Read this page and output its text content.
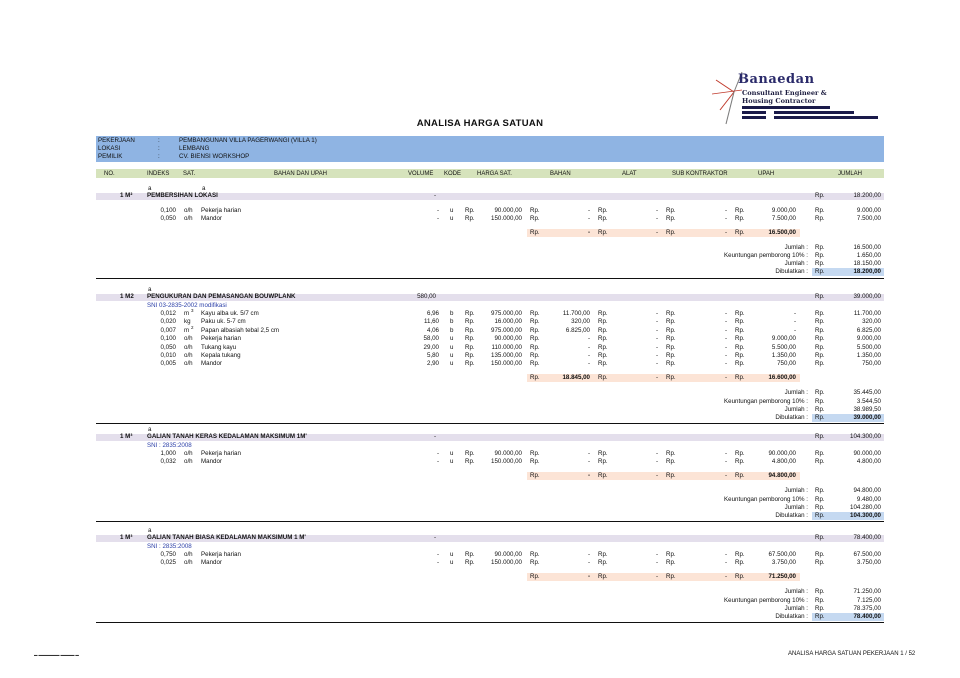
Banaedan
Consultant Engineer &
Housing Contractor
ANALISA HARGA SATUAN
PEKERJAAN	:	PEMBANGUNAN VILLA PAGERWANGI (VILLA 1)
LOKASI	:	LEMBANG
PEMILIK	:	CV. BIENSI WORKSHOP
NO.	INDEKS SAT.	BAHAN DAN UPAH	VOLUME KODE	HARGA SAT.	BAHAN	ALAT	SUB KONTRAKTOR	UPAH	JUMLAH
a	a
1 M² PEMBERSIHAN LOKASI	-	Rp.	18.200,00
0,100 o/h Pekerja harian	- u Rp.	90.000,00 Rp.	- Rp.	- Rp.	- Rp.	9.000,00	Rp.	9.000,00
0,050 o/h Mandor	- u Rp.	150.000,00 Rp.	- Rp.	- Rp.	- Rp.	7.500,00	Rp.	7.500,00
Rp.	- Rp.	- Rp.	- Rp.	16.500,00
Jumlah : Rp.	16.500,00
Keuntungan pemborong 10% : Rp.	1.650,00
Jumlah : Rp.	18.150,00
Dibulatkan : Rp.	18.200,00
a
1 M2 PENGUKURAN DAN PEMASANGAN BOUWPLANK	580,00	Rp.	39.000,00
SNI 03-2835-2002 modifikasi
0,012 m 3 Kayu alba uk. 5/7 cm	6,96 b Rp.	975.000,00 Rp.	11.700,00 Rp.	- Rp.	- Rp.	-	Rp.	11.700,00
0,020 kg Paku uk. 5-7 cm	11,60 b Rp.	16.000,00 Rp.	320,00 Rp.	- Rp.	- Rp.	-	Rp.	320,00
0,007 m 2 Papan albasiah tebal 2,5 cm	4,06 b Rp.	975.000,00 Rp.	6.825,00 Rp.	- Rp.	- Rp.	-	Rp.	6.825,00
0,100 o/h Pekerja harian	58,00 u Rp.	90.000,00 Rp.	- Rp.	- Rp.	- Rp.	9.000,00	Rp.	9.000,00
0,050 o/h Tukang kayu	29,00 u Rp.	110.000,00 Rp.	- Rp.	- Rp.	- Rp.	5.500,00	Rp.	5.500,00
0,010 o/h Kepala tukang	5,80 u Rp.	135.000,00 Rp.	- Rp.	- Rp.	- Rp.	1.350,00	Rp.	1.350,00
0,005 o/h Mandor	2,90 u Rp.	150.000,00 Rp.	- Rp.	- Rp.	- Rp.	750,00	Rp.	750,00
Rp.	18.845,00 Rp.	- Rp.	- Rp.	16.600,00
Jumlah : Rp.	35.445,00
Keuntungan pemborong 10% : Rp.	3.544,50
Jumlah : Rp.	38.989,50
Dibulatkan : Rp.	39.000,00
a
1 M³ GALIAN TANAH KERAS KEDALAMAN MAKSIMUM 1M'	-	Rp.	104.300,00
SNI : 2835:2008
1,000 o/h Pekerja harian	- u Rp.	90.000,00 Rp.	- Rp.	- Rp.	- Rp.	90.000,00	Rp.	90.000,00
0,032 o/h Mandor	- u Rp.	150.000,00 Rp.	- Rp.	- Rp.	- Rp.	4.800,00	Rp.	4.800,00
Rp.	- Rp.	- Rp.	- Rp.	94.800,00
Jumlah : Rp.	94.800,00
Keuntungan pemborong 10% : Rp.	9.480,00
Jumlah : Rp.	104.280,00
Dibulatkan : Rp.	104.300,00
a
1 M³ GALIAN TANAH BIASA KEDALAMAN MAKSIMUM 1 M'	-	Rp.	78.400,00
SNI : 2835:2008
0,750 o/h Pekerja harian	- u Rp.	90.000,00 Rp.	- Rp.	- Rp.	- Rp.	67.500,00	Rp.	67.500,00
0,025 o/h Mandor	- u Rp.	150.000,00 Rp.	- Rp.	- Rp.	- Rp.	3.750,00	Rp.	3.750,00
Rp.	- Rp.	- Rp.	- Rp.	71.250,00
Jumlah : Rp.	71.250,00
Keuntungan pemborong 10% : Rp.	7.125,00
Jumlah : Rp.	78.375,00
Dibulatkan : Rp.	78.400,00
▬ ▬▬▬▬▬▬ ▬▬▬▬ ▬	ANALISA HARGA SATUAN PEKERJAAN 1 / 52
